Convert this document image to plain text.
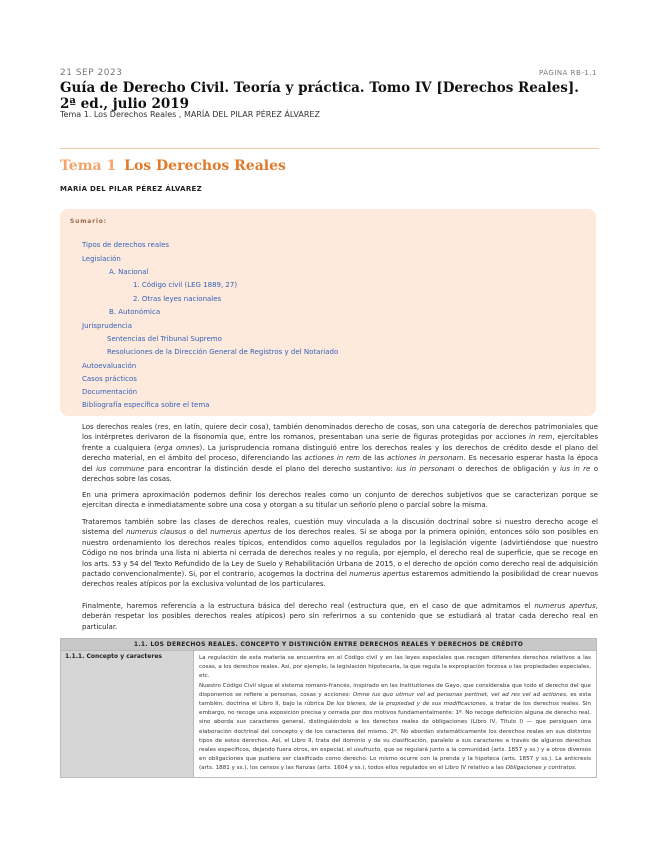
21 SEP 2023	PÁGINA RB-1.1
Guía de Derecho Civil. Teoría y práctica. Tomo IV [Derechos Reales]. 2ª ed., julio 2019
Tema 1. Los Derechos Reales , MARÍA DEL PILAR PÉREZ ÁLVAREZ
Tema 1 Los Derechos Reales
MARÍA DEL PILAR PÉREZ ÁLVAREZ
Sumario:
Tipos de derechos reales
Legislación
A. Nacional
1. Código civil (LEG 1889, 27)
2. Otras leyes nacionales
B. Autonómica
Jurisprudencia
Sentencias del Tribunal Supremo
Resoluciones de la Dirección General de Registros y del Notariado
Autoevaluación
Casos prácticos
Documentación
Bibliografía específica sobre el tema

Los derechos reales (res, en latín, quiere decir cosa), también denominados derecho de cosas, son una categoría de derechos patrimoniales que los intérpretes derivaron de la fisonomía que, entre los romanos, presentaban una serie de figuras protegidas por acciones in rem, ejercitables frente a cualquiera (erga omnes). La jurisprudencia romana distinguió entre los derechos reales y los derechos de crédito desde el plano del derecho material, en el ámbito del proceso, diferenciando las actiones in rem de las actiones in personam. Es necesario esperar hasta la época del ius commune para encontrar la distinción desde el plano del derecho sustantivo: ius in personam o derechos de obligación y ius in re o derechos sobre las cosas.

En una primera aproximación podemos definir los derechos reales como un conjunto de derechos subjetivos que se caracterizan porque se ejercitan directa e inmediatamente sobre una cosa y otorgan a su titular un señorío pleno o parcial sobre la misma.

Trataremos también sobre las clases de derechos reales, cuestión muy vinculada a la discusión doctrinal sobre si nuestro derecho acoge el sistema del numerus clausus o del numerus apertus de los derechos reales. Si se aboga por la primera opinión, entonces sólo son posibles en nuestro ordenamiento los derechos reales típicos, entendidos como aquellos regulados por la legislación vigente (advirtiéndose que nuestro Código no nos brinda una lista ni abierta ni cerrada de derechos reales y no regula, por ejemplo, el derecho real de superficie, que se recoge en los arts. 53 y 54 del Texto Refundido de la Ley de Suelo y Rehabilitación Urbana de 2015, o el derecho de opción como derecho real de adquisición pactado convencionalmente). Si, por el contrario, acogemos la doctrina del numerus apertus estaremos admitiendo la posibilidad de crear nuevos derechos reales atípicos por la exclusiva voluntad de los particulares.

Finalmente, haremos referencia a la estructura básica del derecho real (estructura que, en el caso de que admitamos el numerus apertus, deberán respetar los posibles derechos reales atípicos) pero sin referirnos a su contenido que se estudiará al tratar cada derecho real en particular.

1.1. LOS DERECHOS REALES. CONCEPTO Y DISTINCIÓN ENTRE DERECHOS REALES Y DERECHOS DE CRÉDITO
1.1.1. Concepto y caracteres	La regulación de esta materia se encuentra en el Código civil y en las leyes especiales que recogen diferentes derechos relativos a las cosas, a los derechos reales. Así, por ejemplo, la legislación hipotecaria, la que regula la expropiación forzosa o las propiedades especiales, etc.

Nuestro Código Civil sigue el sistema romano-francés, inspirado en las Institutiones de Gayo, que consideraba que todo el derecho del que disponemos se refiere a personas, cosas y acciones: Omne ius quo utimur vel ad personas pertinet, vel ad res vel ad actiones, es esta también, doctrina el Libro II, bajo la rúbrica De los bienes, de la propiedad y de sus modificaciones, a tratar de los derechos reales. Sin embargo, no recoge una exposición precisa y cerrada por dos motivos fundamentalmente: 1º. No recoge definición alguna de derecho real, sino aborda sus caracteres general, distinguiéndolo a los derechos reales de obligaciones (Libro IV, Título I) — que persiguen una elaboración doctrinal del concepto y de los caracteres del mismo. 2º. No abordan sistemáticamente los derechos reales en sus distintos tipos de estos derechos. Así, el Libro II, trata del dominio y de su clasificación, paralelo a sus caracteres a través de algunos derechos reales específicos, dejando fuera otros, en especial, el usufructo, que se regulará junto a la comunidad (arts. 1857 y ss.) y a otros diversos en obligaciones que pudiera ser clasificado como derecho. Lo mismo ocurre con la prenda y la hipoteca (arts. 1857 y ss.). La anticresis (arts. 1881 y ss.), los censos y las fianzas (arts. 1604 y ss.), todos ellos regulados en el Libro IV relativo a las Obligaciones y contratos.
